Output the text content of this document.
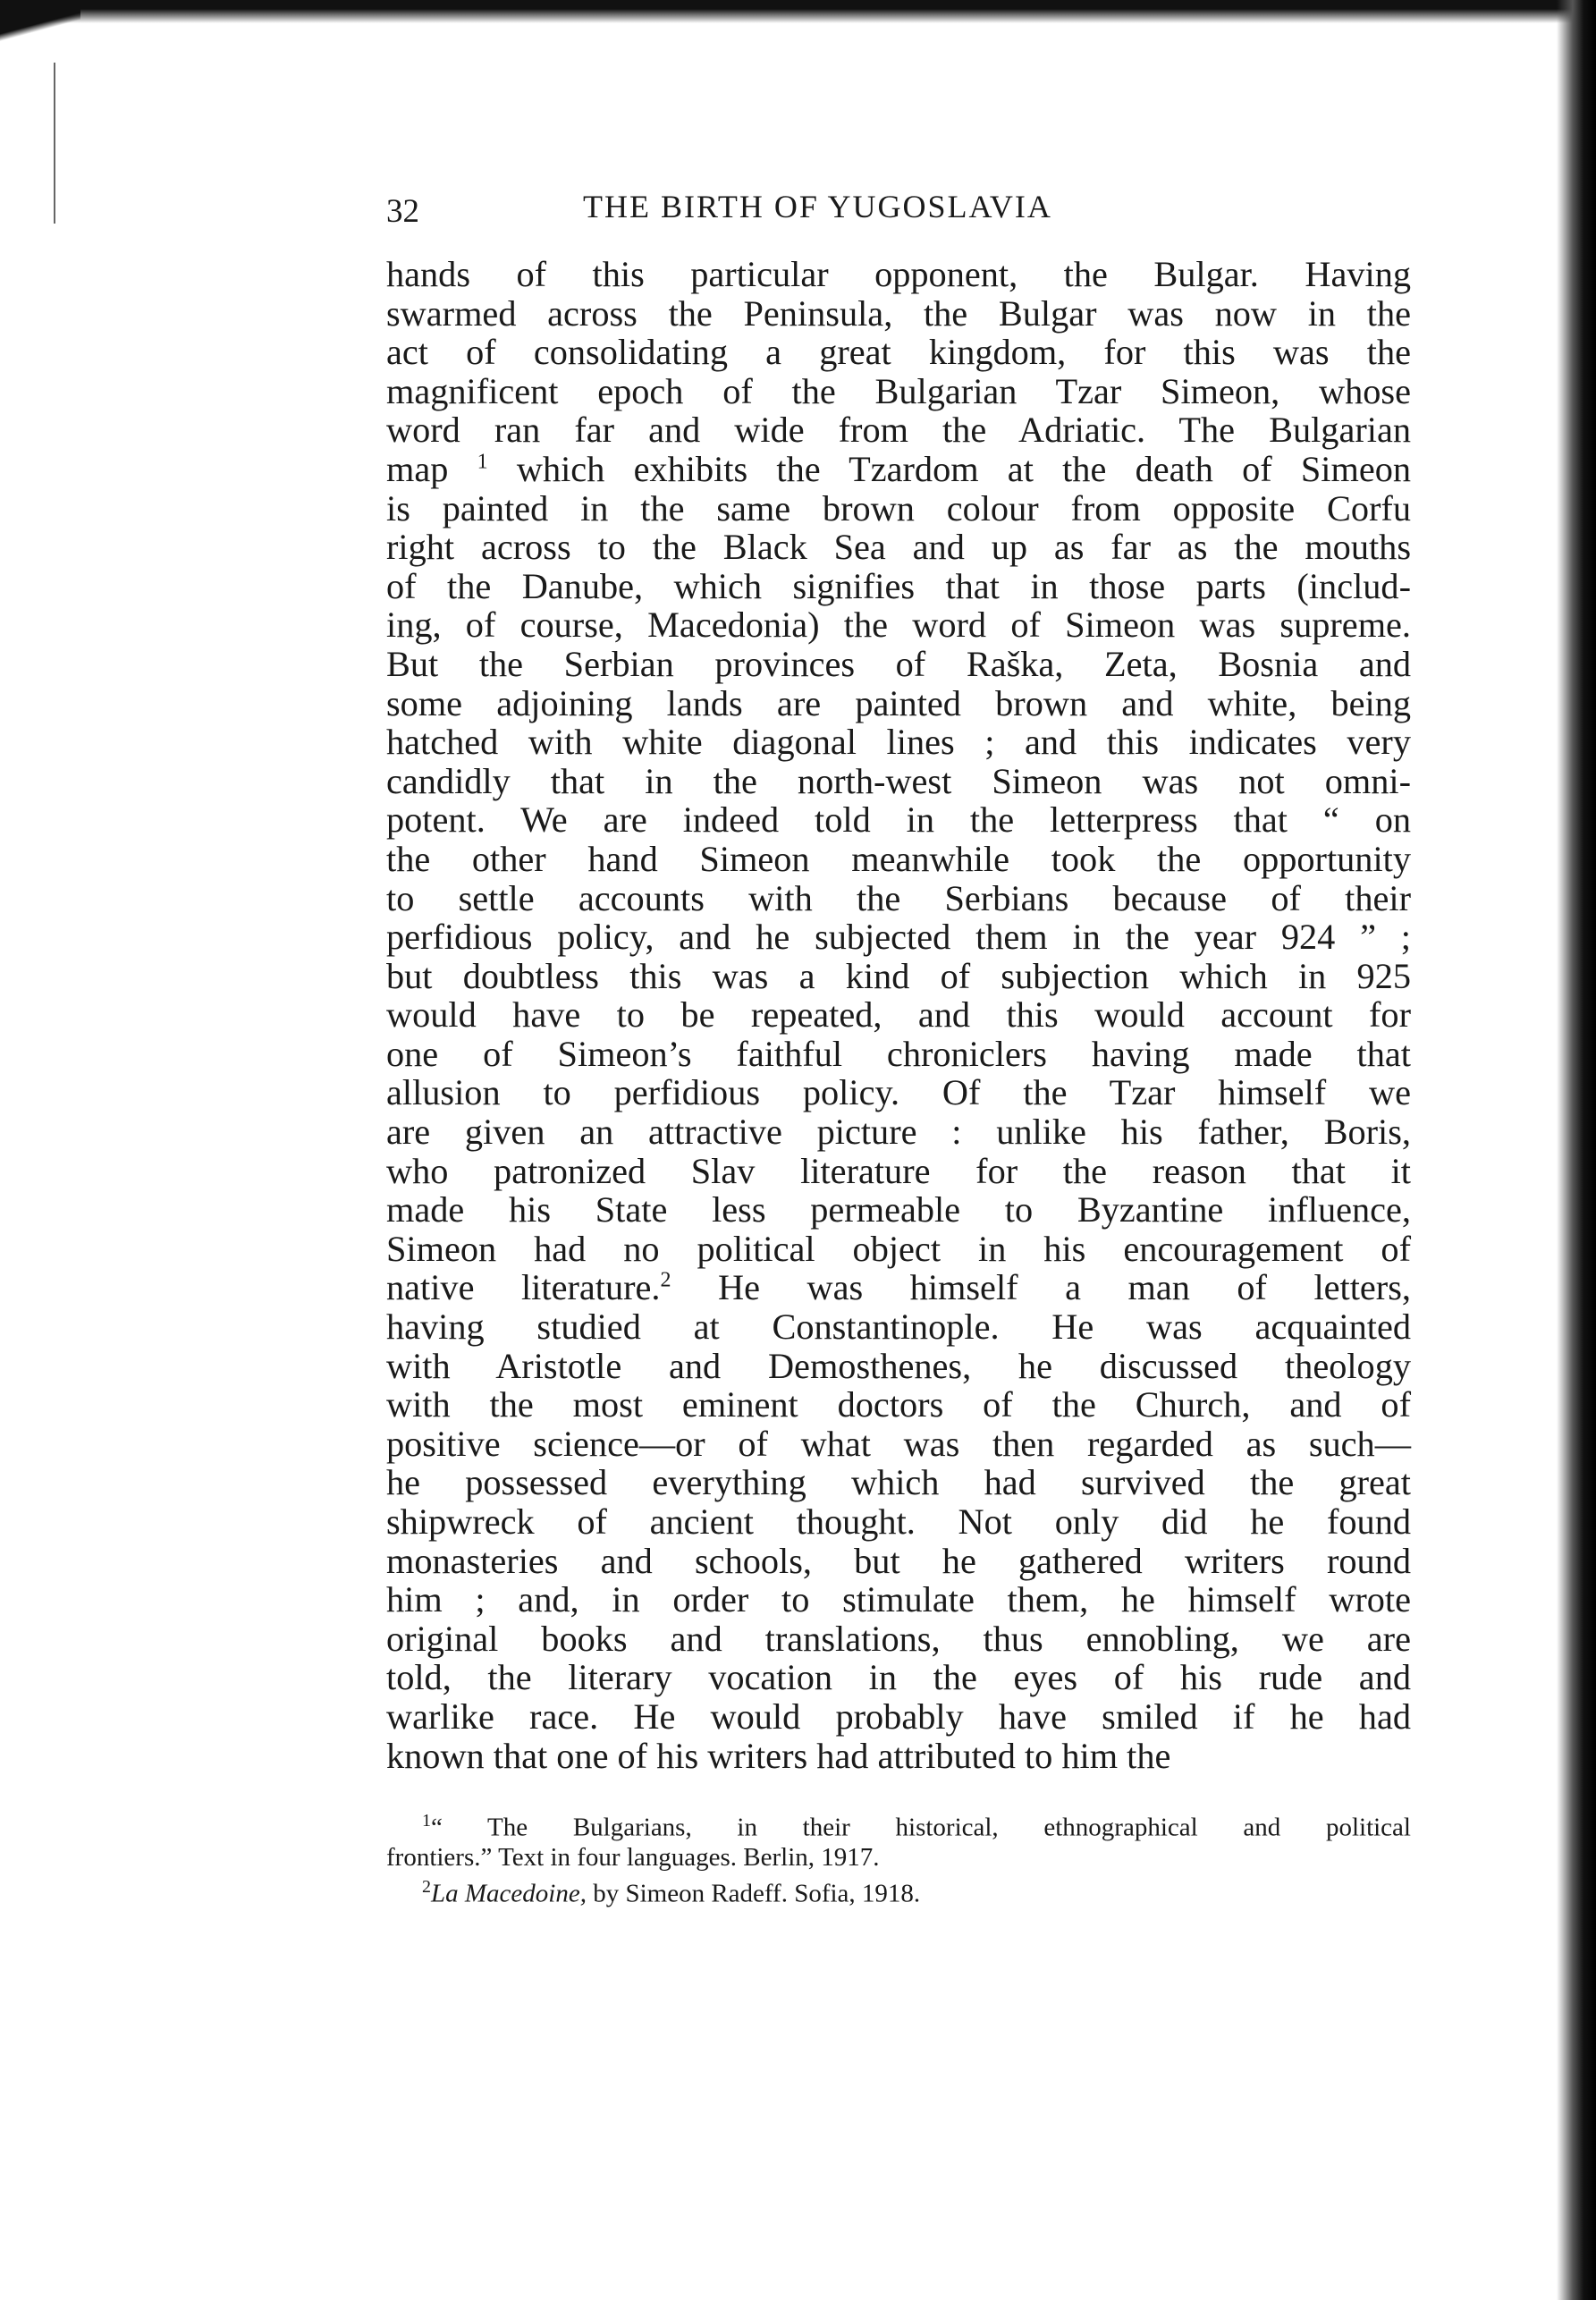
32	THE BIRTH OF YUGOSLAVIA
hands of this particular opponent, the Bulgar. Having
swarmed across the Peninsula, the Bulgar was now in the
act of consolidating a great kingdom, for this was the
magnificent epoch of the Bulgarian Tzar Simeon, whose
word ran far and wide from the Adriatic. The Bulgarian
map $^1$ which exhibits the Tzardom at the death of Simeon
is painted in the same brown colour from opposite Corfu
right across to the Black Sea and up as far as the mouths
of the Danube, which signifies that in those parts (includ-
ing, of course, Macedonia) the word of Simeon was supreme.
But the Serbian provinces of Raška, Zeta, Bosnia and
some adjoining lands are painted brown and white, being
hatched with white diagonal lines ; and this indicates very
candidly that in the north-west Simeon was not omni-
potent. We are indeed told in the letterpress that “ on
the other hand Simeon meanwhile took the opportunity
to settle accounts with the Serbians because of their
perfidious policy, and he subjected them in the year 924 ” ;
but doubtless this was a kind of subjection which in 925
would have to be repeated, and this would account for
one of Simeon’s faithful chroniclers having made that
allusion to perfidious policy. Of the Tzar himself we
are given an attractive picture : unlike his father, Boris,
who patronized Slav literature for the reason that it
made his State less permeable to Byzantine influence,
Simeon had no political object in his encouragement of
native literature.$^2$ He was himself a man of letters,
having studied at Constantinople. He was acquainted
with Aristotle and Demosthenes, he discussed theology
with the most eminent doctors of the Church, and of
positive science—or of what was then regarded as such—
he possessed everything which had survived the great
shipwreck of ancient thought. Not only did he found
monasteries and schools, but he gathered writers round
him ; and, in order to stimulate them, he himself wrote
original books and translations, thus ennobling, we are
told, the literary vocation in the eyes of his rude and
warlike race. He would probably have smiled if he had
known that one of his writers had attributed to him the
$^1$“ The Bulgarians, in their historical, ethnographical and political
frontiers.” Text in four languages. Berlin, 1917.
$^2$La Macedoine, by Simeon Radeff. Sofia, 1918.
